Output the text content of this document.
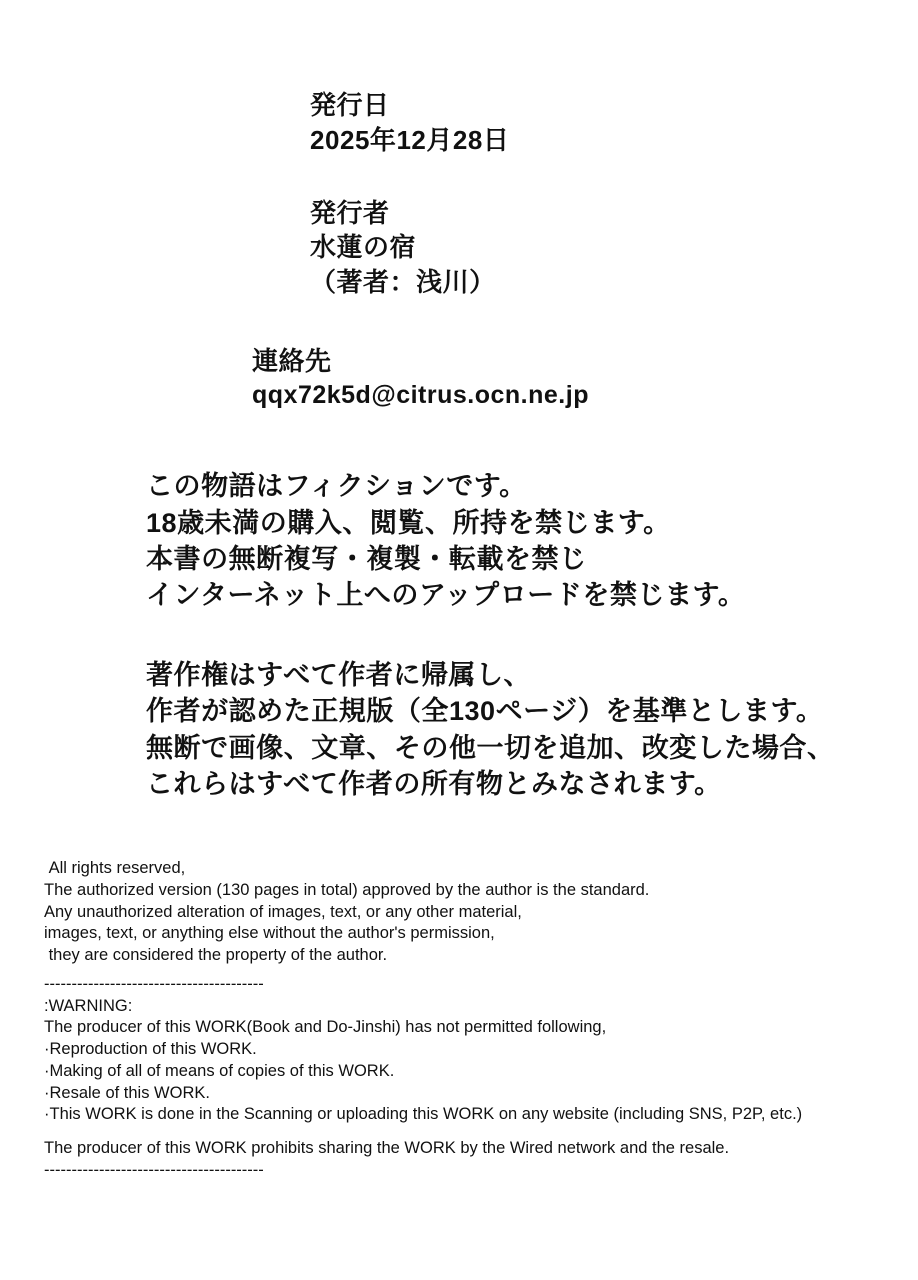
発行日
2025年12月28日
発行者
水蓮の宿
（著者：浅川）
連絡先
qqx72k5d@citrus.ocn.ne.jp
この物語はフィクションです。
18歳未満の購入、閲覧、所持を禁じます。
本書の無断複写・複製・転載を禁じ
インターネット上へのアップロードを禁じます。
著作権はすべて作者に帰属し、
作者が認めた正規版（全130ページ）を基準とします。
無断で画像、文章、その他一切を追加、改変した場合、
これらはすべて作者の所有物とみなされます。
All rights reserved,
The authorized version (130 pages in total) approved by the author is the standard.
Any unauthorized alteration of images, text, or any other material,
images, text, or anything else without the author's permission,
they are considered the property of the author.
----------------------------------------
:WARNING:
The producer of this WORK(Book and Do-Jinshi) has not permitted following,
·Reproduction of this WORK.
·Making of all of means of copies of this WORK.
·Resale of this WORK.
·This WORK is done in the Scanning or uploading this WORK on any website (including SNS, P2P, etc.)
The producer of this WORK prohibits sharing the WORK by the Wired network and the resale.
----------------------------------------
